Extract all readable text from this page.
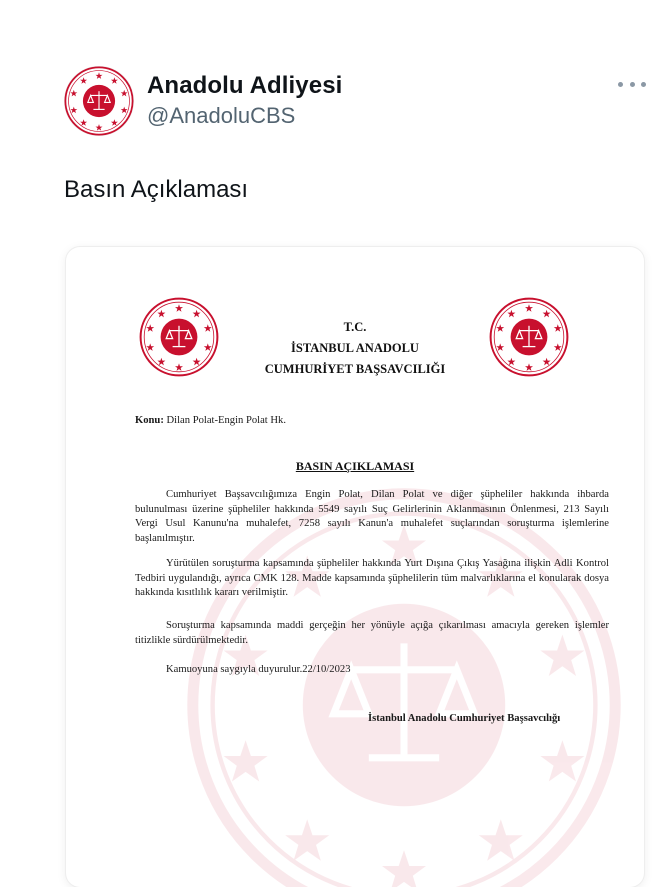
Anadolu Adliyesi
@AnadoluCBS
Basın Açıklaması
T.C.
İSTANBUL ANADOLU
CUMHURİYET BAŞSAVCILIĞI
Konu: Dilan Polat-Engin Polat Hk.
BASIN AÇIKLAMASI
Cumhuriyet Başsavcılığımıza Engin Polat, Dilan Polat ve diğer şüpheliler hakkında ihbarda bulunulması üzerine şüpheliler hakkında 5549 sayılı Suç Gelirlerinin Aklanmasının Önlenmesi, 213 Sayılı Vergi Usul Kanunu'na muhalefet, 7258 sayılı Kanun'a muhalefet suçlarından soruşturma işlemlerine başlanılmıştır.
Yürütülen soruşturma kapsamında şüpheliler hakkında Yurt Dışına Çıkış Yasağına ilişkin Adli Kontrol Tedbiri uygulandığı, ayrıca CMK 128. Madde kapsamında şüphelilerin tüm malvarlıklarına el konularak dosya hakkında kısıtlılık kararı verilmiştir.
Soruşturma kapsamında maddi gerçeğin her yönüyle açığa çıkarılması amacıyla gereken işlemler titizlikle sürdürülmektedir.
Kamuoyuna saygıyla duyurulur.22/10/2023
İstanbul Anadolu Cumhuriyet Başsavcılığı
